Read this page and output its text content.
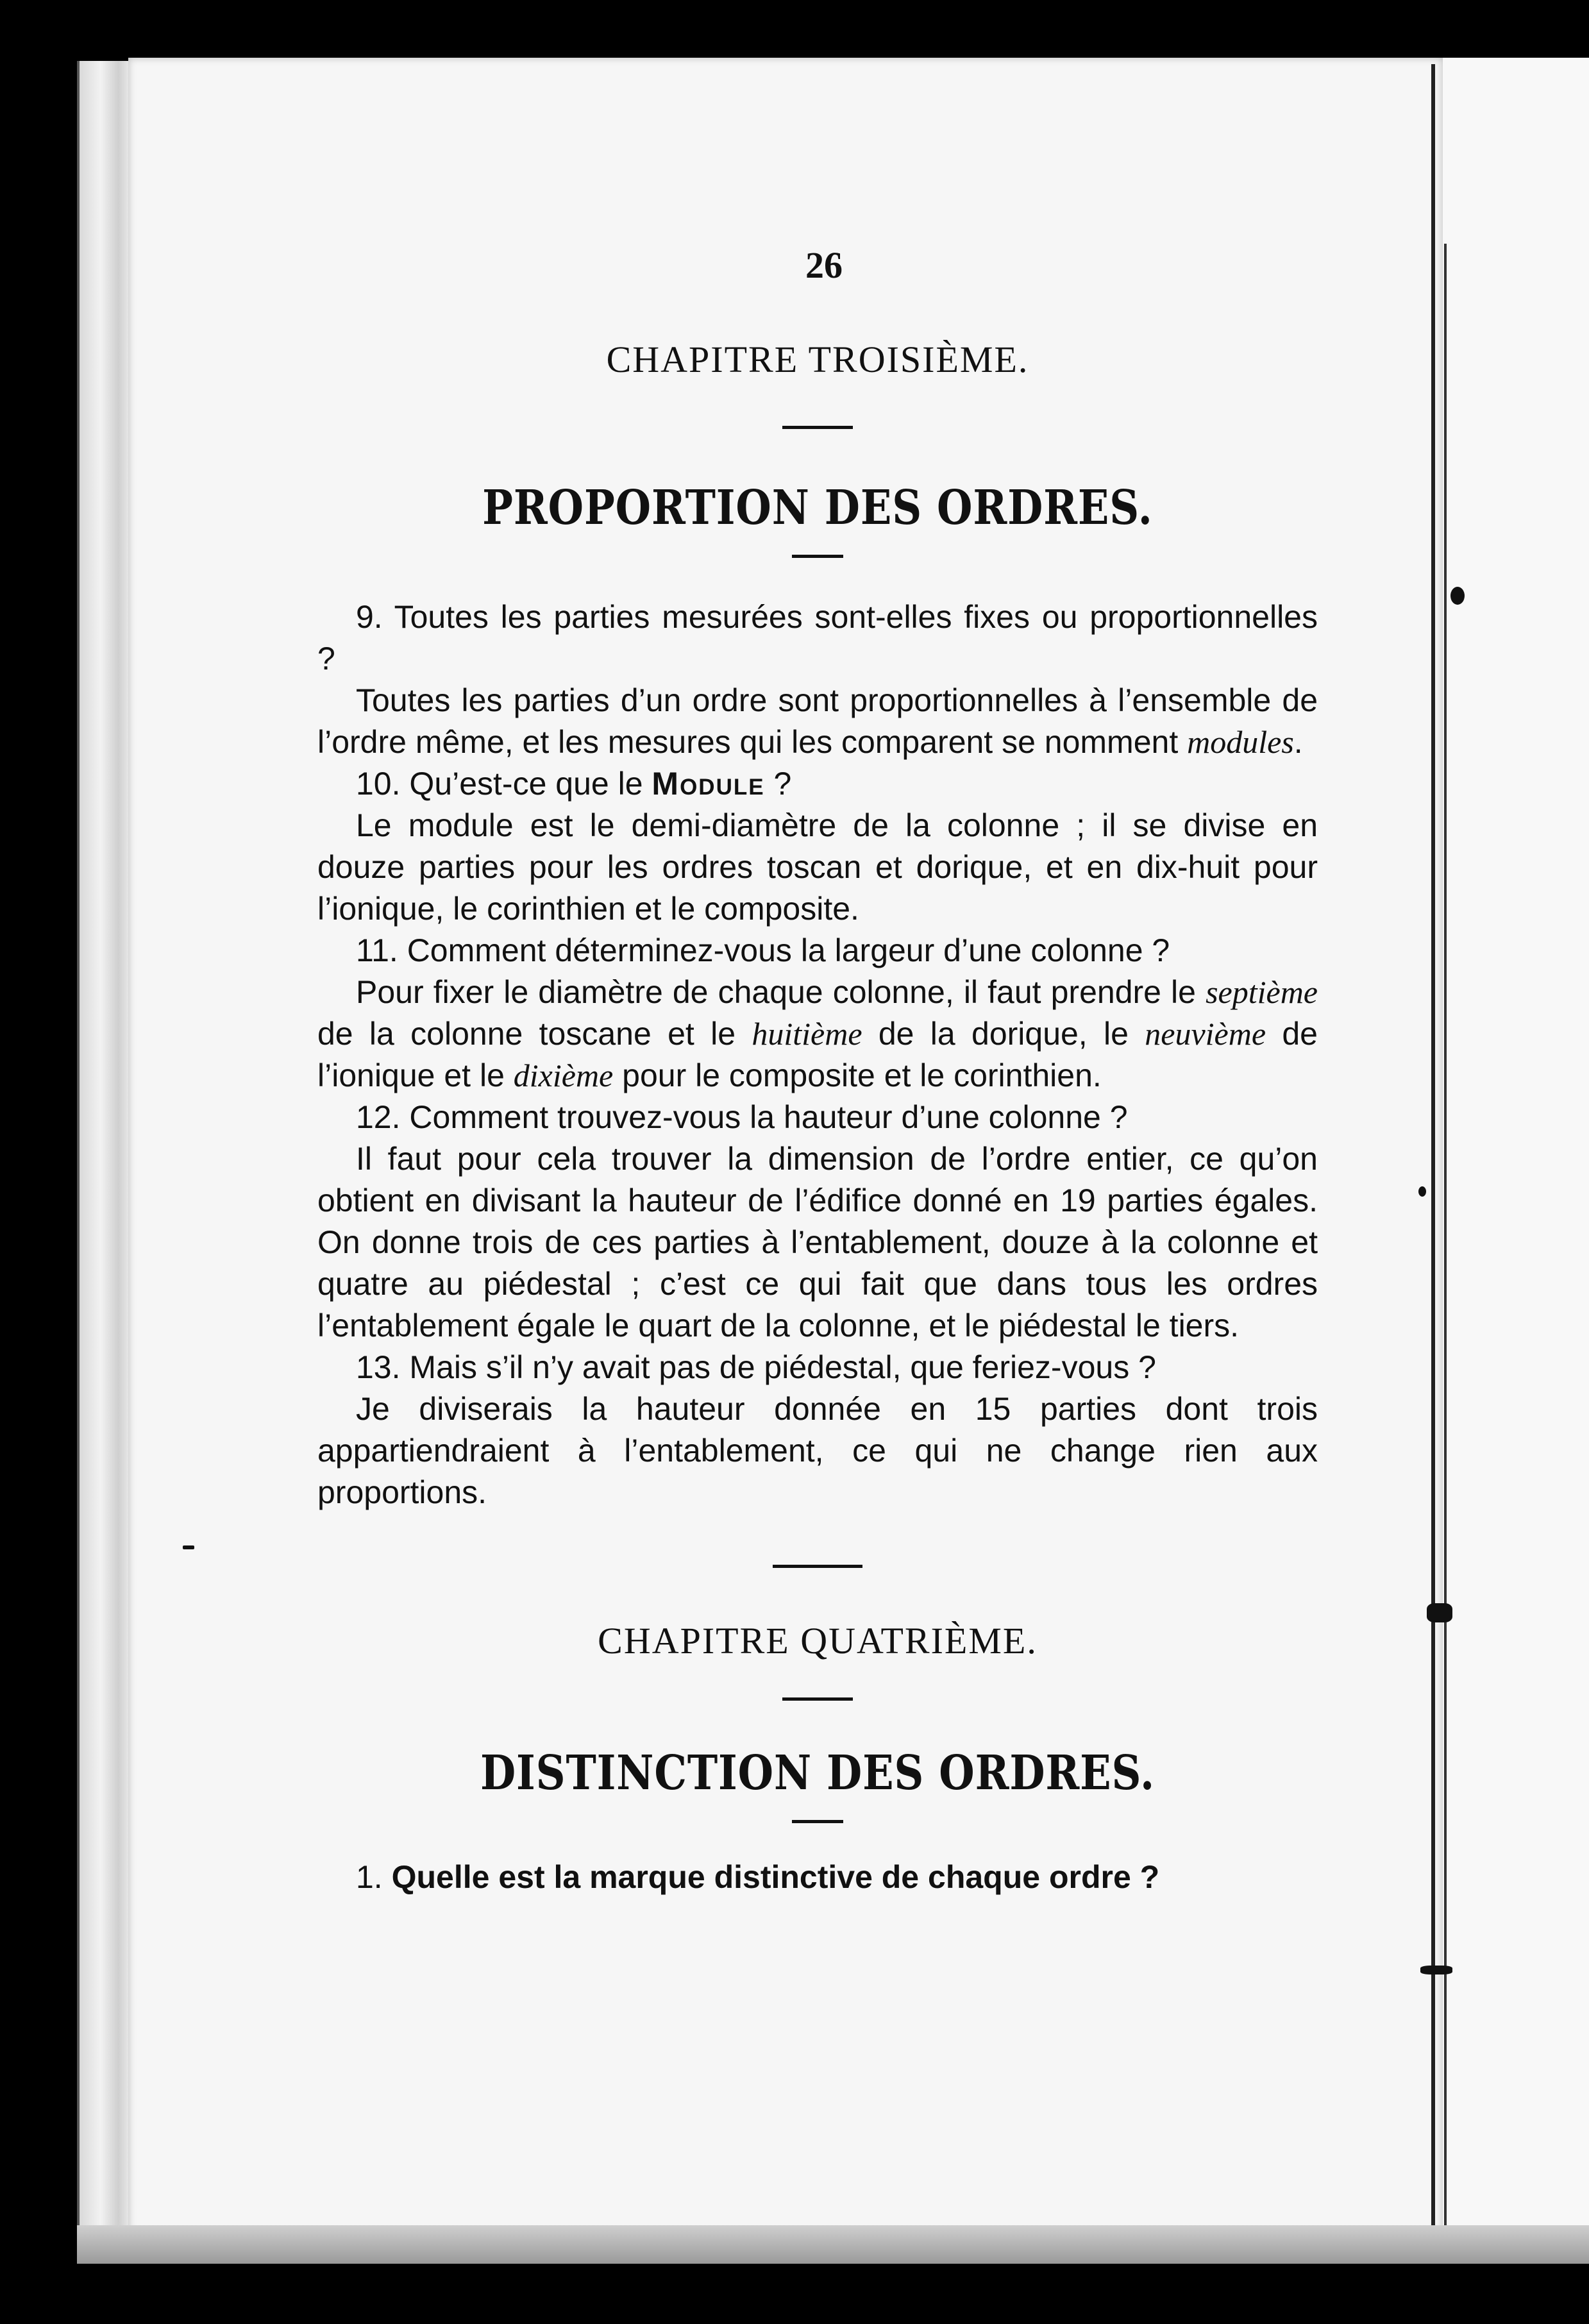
26
CHAPITRE TROISIÈME.
PROPORTION DES ORDRES.

9. Toutes les parties mesurées sont-elles fixes ou proportionnelles ?

Toutes les parties d’un ordre sont proportionnelles à l’ensemble de l’ordre même, et les mesures qui les comparent se nomment modules.

10. Qu’est-ce que le Module ?

Le module est le demi-diamètre de la colonne ; il se divise en douze parties pour les ordres toscan et dorique, et en dix-huit pour l’ionique, le corinthien et le composite.

11. Comment déterminez-vous la largeur d’une colonne ?

Pour fixer le diamètre de chaque colonne, il faut prendre le septième de la colonne toscane et le huitième de la dorique, le neuvième de l’ionique et le dixième pour le composite et le corinthien.

12. Comment trouvez-vous la hauteur d’une colonne ?

Il faut pour cela trouver la dimension de l’ordre entier, ce qu’on obtient en divisant la hauteur de l’édifice donné en 19 parties égales. On donne trois de ces parties à l’entablement, douze à la colonne et quatre au piédestal ; c’est ce qui fait que dans tous les ordres l’entablement égale le quart de la colonne, et le piédestal le tiers.

13. Mais s’il n’y avait pas de piédestal, que feriez-vous ?

Je diviserais la hauteur donnée en 15 parties dont trois appartiendraient à l’entablement, ce qui ne change rien aux proportions.

CHAPITRE QUATRIÈME.
DISTINCTION DES ORDRES.

1. Quelle est la marque distinctive de chaque ordre ?
